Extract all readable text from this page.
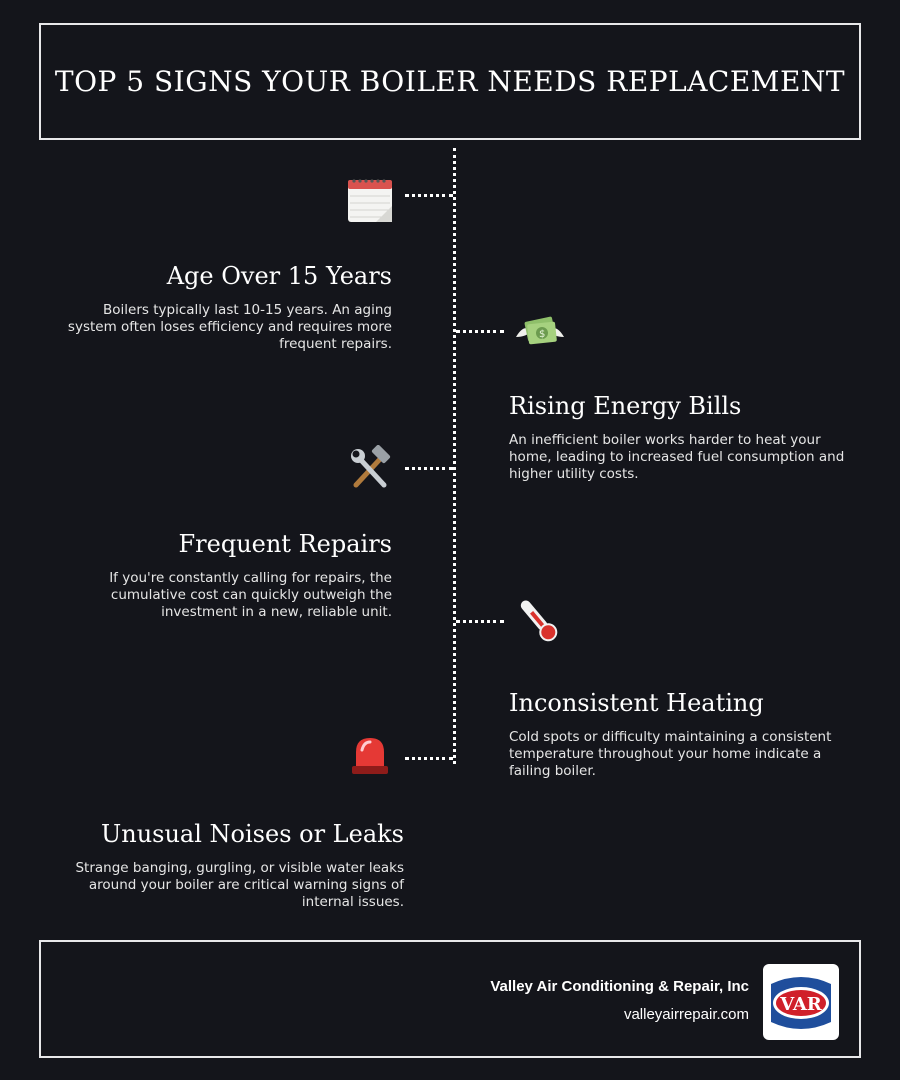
TOP 5 SIGNS YOUR BOILER NEEDS REPLACEMENT
Age Over 15 Years

Boilers typically last 10-15 years. An aging system often loses efficiency and requires more frequent repairs.

$
Rising Energy Bills

An inefficient boiler works harder to heat your home, leading to increased fuel consumption and higher utility costs.

Frequent Repairs

If you're constantly calling for repairs, the cumulative cost can quickly outweigh the investment in a new, reliable unit.

Inconsistent Heating

Cold spots or difficulty maintaining a consistent temperature throughout your home indicate a failing boiler.

Unusual Noises or Leaks

Strange banging, gurgling, or visible water leaks around your boiler are critical warning signs of internal issues.

Valley Air Conditioning & Repair, Inc
valleyairrepair.com VAR
